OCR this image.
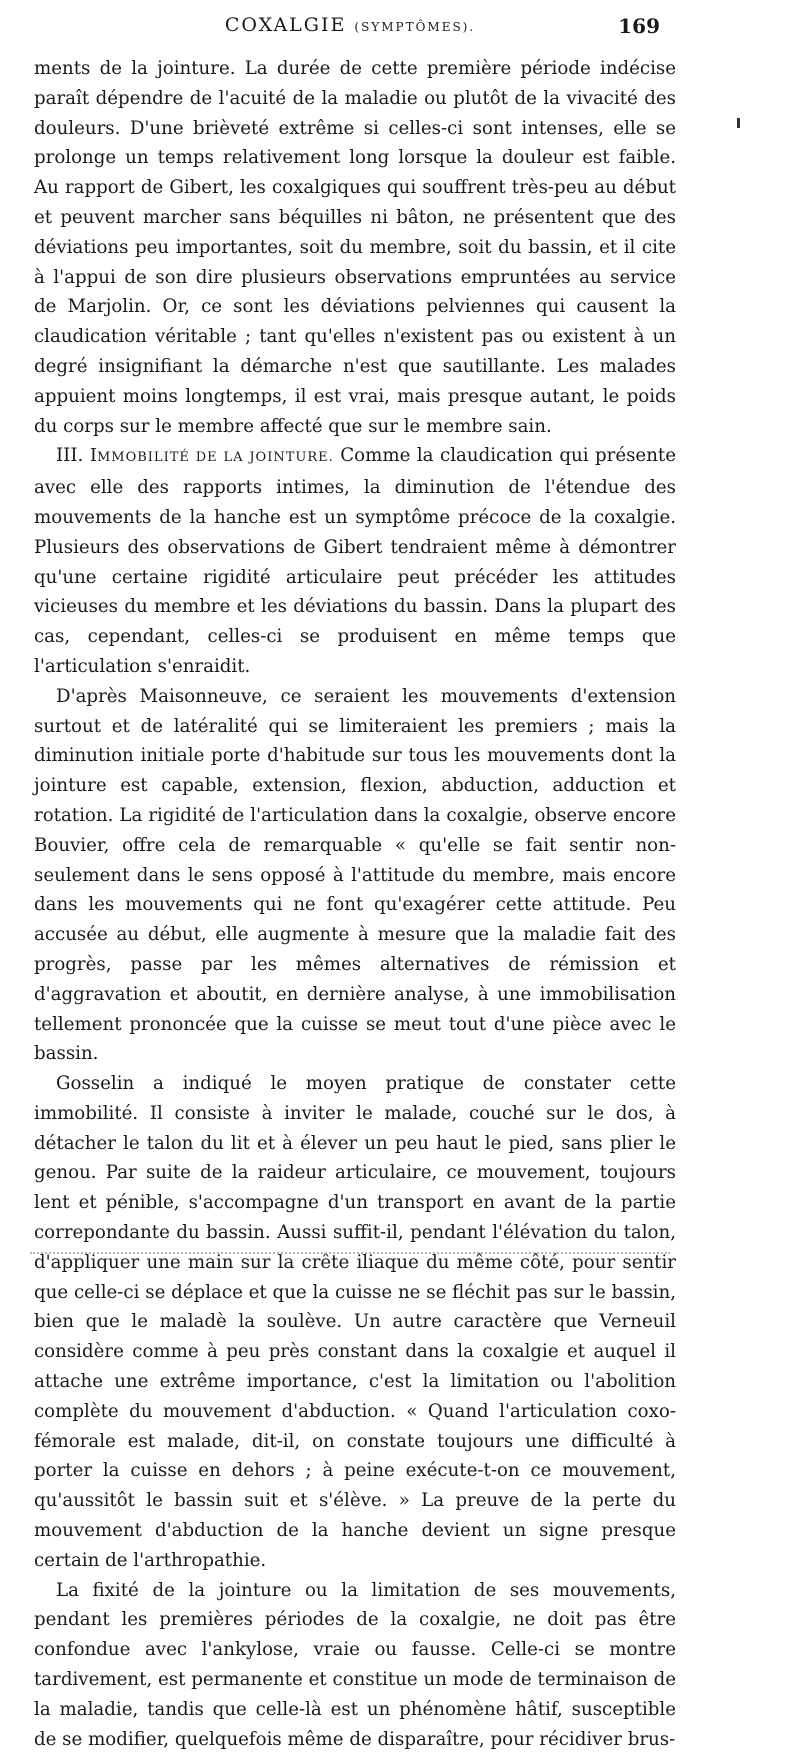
COXALGIE (SYMPTÔMES).	169

ments de la jointure. La durée de cette première période indécise paraît dépendre de l'acuité de la maladie ou plutôt de la vivacité des douleurs. D'une brièveté extrême si celles-ci sont intenses, elle se prolonge un temps relativement long lorsque la douleur est faible. Au rapport de Gibert, les coxalgiques qui souffrent très-peu au début et peuvent marcher sans béquilles ni bâton, ne présentent que des déviations peu importantes, soit du membre, soit du bassin, et il cite à l'appui de son dire plusieurs observations empruntées au service de Marjolin. Or, ce sont les déviations pelviennes qui causent la claudication véritable ; tant qu'elles n'existent pas ou existent à un degré insignifiant la démarche n'est que sautillante. Les malades appuient moins longtemps, il est vrai, mais presque autant, le poids du corps sur le membre affecté que sur le membre sain.

III. IMMOBILITÉ DE LA JOINTURE. Comme la claudication qui présente avec elle des rapports intimes, la diminution de l'étendue des mouvements de la hanche est un symptôme précoce de la coxalgie. Plusieurs des observations de Gibert tendraient même à démontrer qu'une certaine rigidité articulaire peut précéder les attitudes vicieuses du membre et les déviations du bassin. Dans la plupart des cas, cependant, celles-ci se produisent en même temps que l'articulation s'enraidit.

D'après Maisonneuve, ce seraient les mouvements d'extension surtout et de latéralité qui se limiteraient les premiers ; mais la diminution initiale porte d'habitude sur tous les mouvements dont la jointure est capable, extension, flexion, abduction, adduction et rotation. La rigidité de l'articulation dans la coxalgie, observe encore Bouvier, offre cela de remarquable « qu'elle se fait sentir non-seulement dans le sens opposé à l'attitude du membre, mais encore dans les mouvements qui ne font qu'exagérer cette attitude. Peu accusée au début, elle augmente à mesure que la maladie fait des progrès, passe par les mêmes alternatives de rémission et d'aggravation et aboutit, en dernière analyse, à une immobilisation tellement prononcée que la cuisse se meut tout d'une pièce avec le bassin.

Gosselin a indiqué le moyen pratique de constater cette immobilité. Il consiste à inviter le malade, couché sur le dos, à détacher le talon du lit et à élever un peu haut le pied, sans plier le genou. Par suite de la raideur articulaire, ce mouvement, toujours lent et pénible, s'accompagne d'un transport en avant de la partie correpondante du bassin. Aussi suffit-il, pendant l'élévation du talon, d'appliquer une main sur la crête iliaque du même côté, pour sentir que celle-ci se déplace et que la cuisse ne se fléchit pas sur le bassin, bien que le maladè la soulève. Un autre caractère que Verneuil considère comme à peu près constant dans la coxalgie et auquel il attache une extrême importance, c'est la limitation ou l'abolition complète du mouvement d'abduction. « Quand l'articulation coxo-fémorale est malade, dit-il, on constate toujours une difficulté à porter la cuisse en dehors ; à peine exécute-t-on ce mouvement, qu'aussitôt le bassin suit et s'élève. » La preuve de la perte du mouvement d'abduction de la hanche devient un signe presque certain de l'arthropathie.

La fixité de la jointure ou la limitation de ses mouvements, pendant les premières périodes de la coxalgie, ne doit pas être confondue avec l'ankylose, vraie ou fausse. Celle-ci se montre tardivement, est permanente et constitue un mode de terminaison de la maladie, tandis que celle-là est un phénomène hâtif, susceptible de se modifier, quelquefois même de disparaître, pour récidiver brus-
